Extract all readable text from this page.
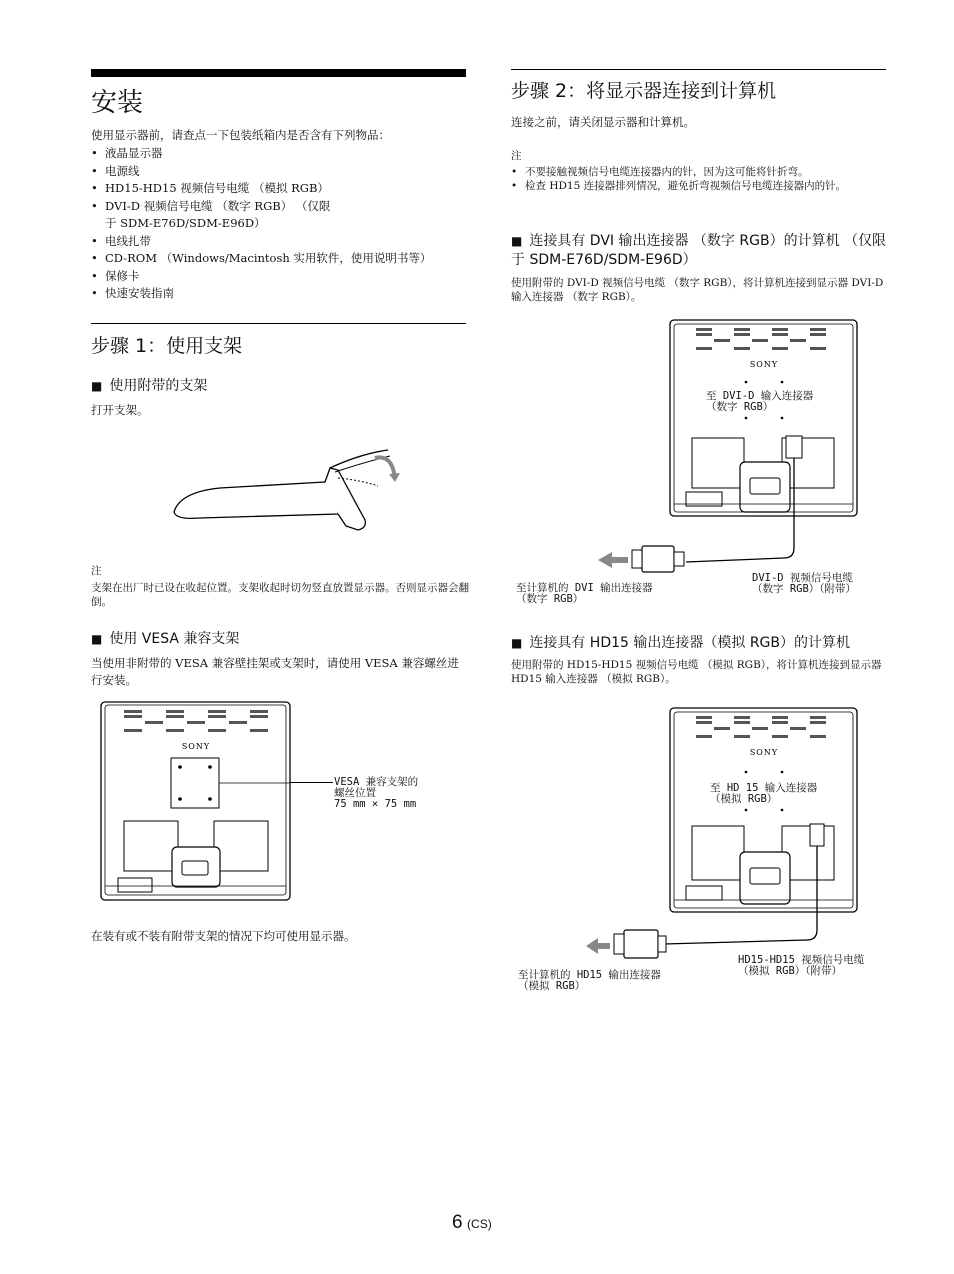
安装
使用显示器前，请查点一下包装纸箱内是否含有下列物品：
• 液晶显示器
• 电源线
• HD15-HD15 视频信号电缆 （模拟 RGB）
• DVI-D 视频信号电缆 （数字 RGB） （仅限于 SDM-E76D/SDM-E96D）
• 电线扎带
• CD-ROM （Windows/Macintosh 实用软件，使用说明书等）
• 保修卡
• 快速安装指南
步骤 1：使用支架
■ 使用附带的支架
打开支架。
注
支架在出厂时已设在收起位置。支架收起时切勿竖直放置显示器。否则显示器会翻倒。
■ 使用 VESA 兼容支架
当使用非附带的 VESA 兼容壁挂架或支架时，请使用 VESA 兼容螺丝进行安装。
SONY
VESA 兼容支架的
螺丝位置
75 mm × 75 mm
在装有或不装有附带支架的情况下均可使用显示器。
步骤 2：将显示器连接到计算机
连接之前，请关闭显示器和计算机。
注
• 不要接触视频信号电缆连接器内的针，因为这可能将针折弯。
• 检查 HD15 连接器排列情况，避免折弯视频信号电缆连接器内的针。
■ 连接具有 DVI 输出连接器 （数字 RGB）的计算机 （仅限于 SDM-E76D/SDM-E96D）
使用附带的 DVI-D 视频信号电缆 （数字 RGB），将计算机连接到显示器 DVI-D 输入连接器 （数字 RGB）。
SONY
至 DVI-D 输入连接器
（数字 RGB）
至计算机的 DVI 输出连接器
（数字 RGB）
DVI-D 视频信号电缆
（数字 RGB）（附带）
■ 连接具有 HD15 输出连接器（模拟 RGB）的计算机
使用附带的 HD15-HD15 视频信号电缆 （模拟 RGB），将计算机连接到显示器 HD15 输入连接器 （模拟 RGB）。
SONY
至 HD 15 输入连接器
（模拟 RGB）
至计算机的 HD15 输出连接器
（模拟 RGB）
HD15-HD15 视频信号电缆
（模拟 RGB）（附带）
6 (CS)
